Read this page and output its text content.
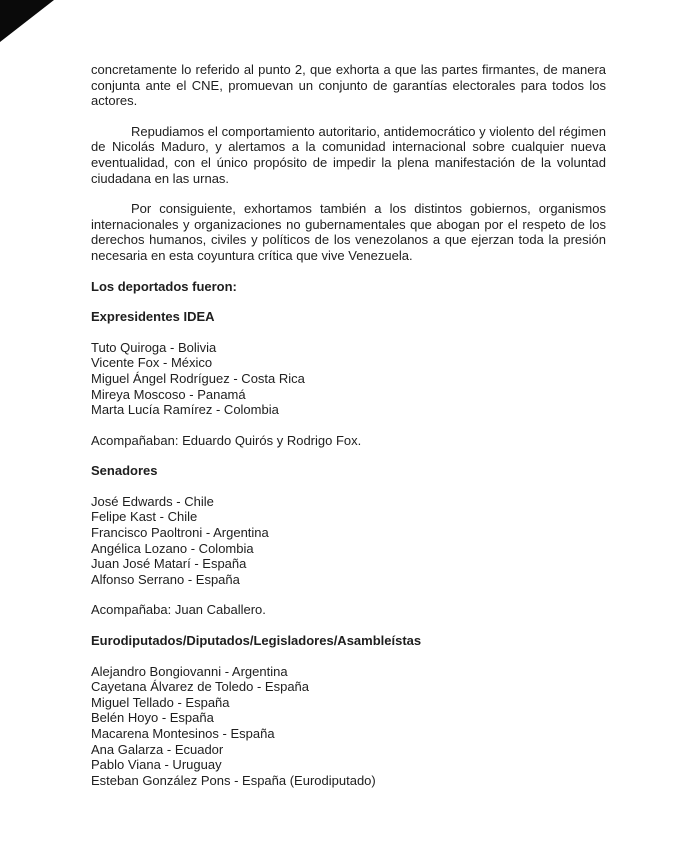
concretamente lo referido al punto 2, que exhorta a que las partes firmantes, de manera conjunta ante el CNE, promuevan un conjunto de garantías electorales para todos los actores.

Repudiamos el comportamiento autoritario, antidemocrático y violento del régimen de Nicolás Maduro, y alertamos a la comunidad internacional sobre cualquier nueva eventualidad, con el único propósito de impedir la plena manifestación de la voluntad ciudadana en las urnas.

Por consiguiente, exhortamos también a los distintos gobiernos, organismos internacionales y organizaciones no gubernamentales que abogan por el respeto de los derechos humanos, civiles y políticos de los venezolanos a que ejerzan toda la presión necesaria en esta coyuntura crítica que vive Venezuela.

Los deportados fueron:

Expresidentes IDEA

Tuto Quiroga - Bolivia
Vicente Fox - México
Miguel Ángel Rodríguez - Costa Rica
Mireya Moscoso - Panamá
Marta Lucía Ramírez - Colombia

Acompañaban: Eduardo Quirós y Rodrigo Fox.

Senadores

José Edwards - Chile
Felipe Kast - Chile
Francisco Paoltroni - Argentina
Angélica Lozano - Colombia
Juan José Matarí - España
Alfonso Serrano - España

Acompañaba: Juan Caballero.

Eurodiputados/Diputados/Legisladores/Asambleístas

Alejandro Bongiovanni - Argentina
Cayetana Álvarez de Toledo - España
Miguel Tellado - España
Belén Hoyo - España
Macarena Montesinos - España
Ana Galarza - Ecuador
Pablo Viana - Uruguay
Esteban González Pons - España (Eurodiputado)
